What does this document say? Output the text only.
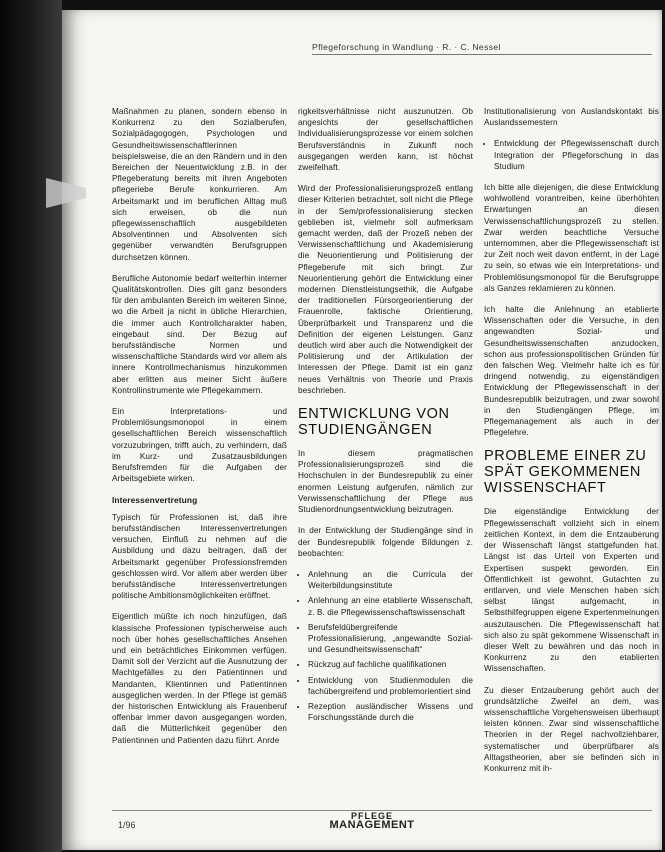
Pflegeforschung in Wandlung · R. · C. Nessel

Maßnahmen zu planen, sondern ebenso in Konkurrenz zu den Sozialberufen, Sozialpädagogogen, Psychologen und Gesundheitswissenschaftlerinnen beispielsweise, die an den Rändern und in den Bereichen der Neuentwicklung z.B. in der Pflegeberatung bereits mit ihren Angeboten pflegeriebe Berufe konkurrieren. Am Arbeitsmarkt und im beruflichen Alltag muß sich erweisen, ob die nun pflegewissenschaftlich ausgebildeten Absolventinnen und Absolventen sich gegenüber verwandten Berufsgruppen durchsetzen können.

Berufliche Autonomie bedarf weiterhin interner Qualitätskontrollen. Dies gilt ganz besonders für den ambulanten Bereich im weiteren Sinne, wo die Arbeit ja nicht in übliche Hierarchien, die immer auch Kontrollcharakter haben, eingebaut sind. Der Bezug auf berufsständische Normen und wissenschaftliche Standards wird vor allem als innere Kontrollmechanismus hinzukommen aber erlitten aus meiner Sicht äußere Kontrollinstrumente wie Pflegekammern.

Ein Interpretations- und Problemlösungsmonopol in einem gesellschaftlichen Bereich wissenschaftlich vorzuzubringen, trifft auch, zu verhindern, daß im Kurz- und Zusatzausbildungen Berufsfremden für die Aufgaben der Arbeitsgebiete wirken.

Interessenvertretung

Typisch für Professionen ist, daß ihre berufsständischen Interessenvertretungen versuchen, Einfluß zu nehmen auf die Ausbildung und dazu beitragen, daß der Arbeitsmarkt gegenüber Professionsfremden geschlossen wird. Vor allem aber werden über berufsständische Interessenvertretungen politische Ambitionsmöglichkeiten eröffnet.

Eigentlich müßte ich noch hinzufügen, daß klassische Professionen typischerweise auch noch über hohes gesellschaftliches Ansehen und ein beträchtliches Einkommen verfügen. Damit soll der Verzicht auf die Ausnutzung der Machtgefälles zu den Patientinnen und Mandanten, Klientinnen und Patientinnen ausgeglichen werden. In der Pflege ist gemäß der historischen Entwicklung als Frauenberuf offenbar immer davon ausgegangen worden, daß die Mütterlichkeit gegenüber den Patientinnen und Patienten dazu führt. Anrde

rigkeitsverhältnisse nicht auszunutzen. Ob angesichts der gesellschaftlichen Individualisierungsprozesse vor einem solchen Berufsverständnis in Zukunft noch ausgegangen werden kann, ist höchst zweifelhaft.

Wird der Professionalisierungsprozeß entlang dieser Kriterien betrachtet, soll nicht die Pflege in der Sem/professionalisierung stecken geblieben ist, vielmehr soll aufmerksam gemacht werden, daß der Prozeß neben der Verwissenschaftlichung und Akademisierung die Neuorientierung und Politisierung der Pflegeberufe mit sich bringt. Zur Neuorientierung gehört die Entwicklung einer modernen Dienstleistungsethik, die Aufgabe der traditionellen Fürsorgeorientierung der Frauenrolle, faktische Orientierung, Überprüfbarkeit und Transparenz und die Definition der eigenen Leistungen. Ganz deutlich wird aber auch die Notwendigkeit der Politisierung und der Artikulation der Interessen der Pflege. Damit ist ein ganz neues Verhältnis von Theorie und Praxis beschrieben.

ENTWICKLUNG VON STUDIENGÄNGEN

In diesem pragmatischen Professionalisierungsprozeß sind die Hochschulen in der Bundesrepublik zu einer enormen Leistung aufgerufen, nämlich zur Verwissenschaftlichung der Pflege aus Studienordnungsentwicklung beizutragen.

In der Entwicklung der Studiengänge sind in der Bundesrepublik folgende Bildungen z. beobachten:

• Anlehnung an die Curricula der Weiterbildungsinstitute
• Anlehnung an eine etablierte Wissenschaft, z. B. die Pflegewissenschaftswissenschaft
• Berufsfeldübergreifende Professionalisierung, „angewandte Sozial- und Gesundheitswissenschaft“
• Rückzug auf fachliche qualifikationen
• Entwicklung von Studienmodulen die fachübergreifend und problemorientiert sind
• Rezeption ausländischer Wissens und Forschungsstände durch die

Institutionalisierung von Auslandskontakt bis Auslandssemestern

• Entwicklung der Pflegewissenschaft durch Integration der Pflegeforschung in das Studium

Ich bitte alle diejenigen, die diese Entwicklung wohlwollend vorantreiben, keine überhöhten Erwartungen an diesen Verwissenschaftlichungsprozeß zu stellen. Zwar werden beachtliche Versuche unternommen, aber die Pflegewissenschaft ist zur Zeit noch weit davon entfernt, in der Lage zu sein, so etwas wie ein Interpretations- und Problemlösungsmonopol für die Berufsgruppe als Ganzes reklamieren zu können.

Ich halte die Anlehnung an etablierte Wissenschaften oder die Versuche, in den angewandten Sozial- und Gesundheitswissenschaften anzudocken, schon aus professionspolitischen Gründen für den falschen Weg. Vielmehr halte ich es für dringend notwendig, zu eigenständigen Entwicklung der Pflegewissenschaft in der Bundesrepublik beizutragen, und zwar sowohl in den Studiengängen Pflege, im Pflegemanagement als auch in der Pflegelehre.

PROBLEME EINER ZU SPÄT GEKOMMENEN WISSENSCHAFT

Die eigenständige Entwicklung der Pflegewissenschaft vollzieht sich in einem zeitlichen Kontext, in dem die Entzauberung der Wissenschaft längst stattgefunden hat. Längst ist das Urteil von Experten und Expertisen suspekt geworden. Ein Öffentlichkeit ist gewohnt, Gutachten zu entlarven, und viele Menschen haben sich selbst längst aufgemacht, in Selbsthilfegruppen eigene Expertenmeinungen auszutauschen. Die Pflegewissenschaft hat sich also zu spät gekommene Wissenschaft in dieser Welt zu bewähren und das noch in Konkurrenz zu den etablierten Wissenschaften.

Zu dieser Entzauberung gehört auch der grundsätzliche Zweifel an dem, was wissenschaftliche Vorgehensweisen überhaupt leisten können. Zwar sind wissenschaftliche Theorien in der Regel nachvollziehbarer, systematischer und überprüfbarer als Alltagstheorien, aber sie befinden sich in Konkurrenz mit ih-

1/96
PFLEGE
MANAGEMENT
